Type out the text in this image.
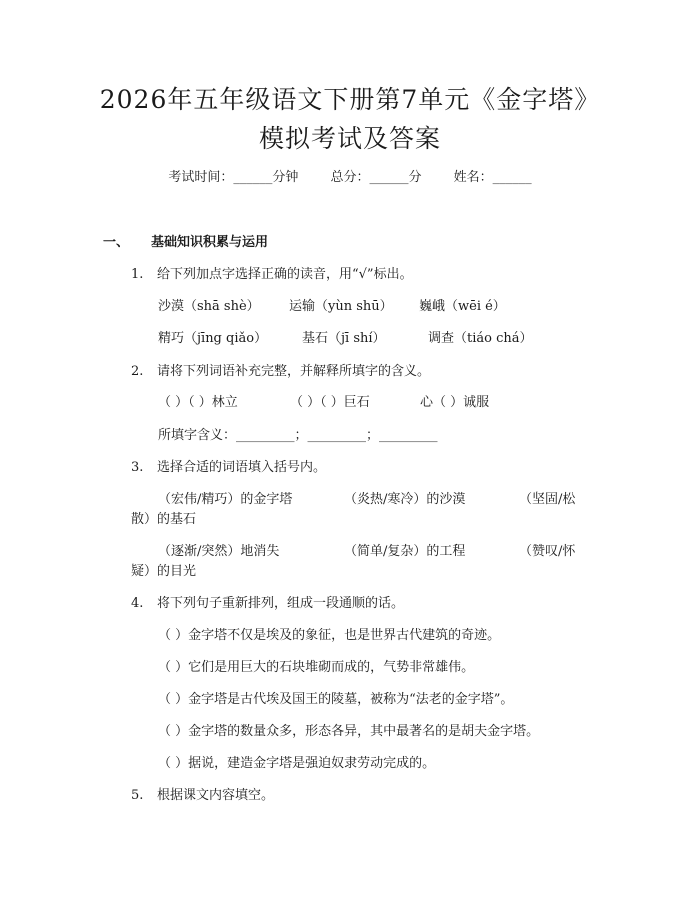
2026年五年级语文下册第7单元《金字塔》
模拟考试及答案
考试时间：______分钟 总分：______分 姓名：______
一、 基础知识积累与运用
1. 给下列加点字选择正确的读音，用“√”标出。
沙漠（shā shè） 运输（yùn shū） 巍峨（wēi é）
精巧（jīng qiǎo）	基石（jī shí）	调查（tiáo chá）
2. 请将下列词语补充完整，并解释所填字的含义。
（ ）（ ）林立	（ ）（ ）巨石	心（ ）诚服
所填字含义：_________；_________；_________
3. 选择合适的词语填入括号内。
（宏伟/精巧）的金字塔	（炎热/寒冷）的沙漠	（坚固/松
散）的基石
（逐渐/突然）地消失	（简单/复杂）的工程	（赞叹/怀
疑）的目光
4. 将下列句子重新排列，组成一段通顺的话。
（ ）金字塔不仅是埃及的象征，也是世界古代建筑的奇迹。
（ ）它们是用巨大的石块堆砌而成的，气势非常雄伟。
（ ）金字塔是古代埃及国王的陵墓，被称为“法老的金字塔”。
（ ）金字塔的数量众多，形态各异，其中最著名的是胡夫金字塔。
（ ）据说，建造金字塔是强迫奴隶劳动完成的。
5. 根据课文内容填空。
